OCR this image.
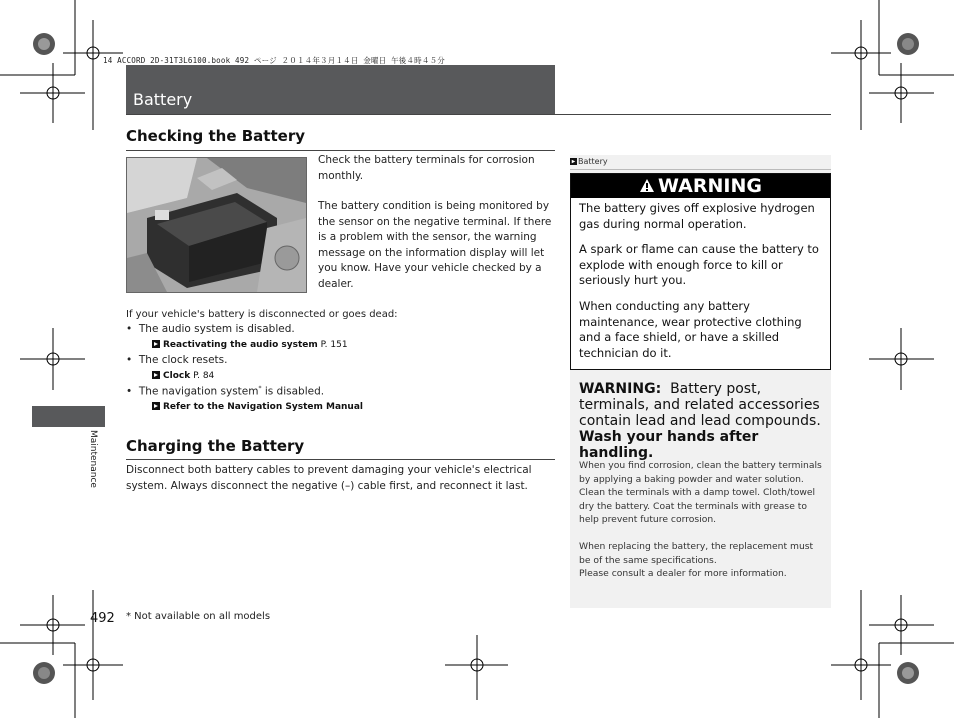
14 ACCORD 2D-31T3L6100.book 492 ページ ２０１４年３月１４日 金曜日 午後４時４５分
Battery
Maintenance
Checking the Battery
Check the battery terminals for corrosion monthly.
The battery condition is being monitored by the sensor on the negative terminal. If there is a problem with the sensor, the warning message on the information display will let you know. Have your vehicle checked by a dealer.
If your vehicle's battery is disconnected or goes dead:
•  The audio system is disabled.
Reactivating the audio system P. 151
•  The clock resets.
Clock P. 84
•  The navigation system* is disabled.
Refer to the Navigation System Manual
Charging the Battery
Disconnect both battery cables to prevent damaging your vehicle's electrical system. Always disconnect the negative (–) cable first, and reconnect it last.
Battery
WARNING
The battery gives off explosive hydrogen gas during normal operation.
A spark or flame can cause the battery to explode with enough force to kill or seriously hurt you.
When conducting any battery maintenance, wear protective clothing and a face shield, or have a skilled technician do it.
WARNING: Battery post, terminals, and related accessories contain lead and lead compounds.
Wash your hands after handling.
When you find corrosion, clean the battery terminals by applying a baking powder and water solution. Clean the terminals with a damp towel. Cloth/towel dry the battery. Coat the terminals with grease to help prevent future corrosion.
When replacing the battery, the replacement must be of the same specifications.
Please consult a dealer for more information.
492 * Not available on all models
